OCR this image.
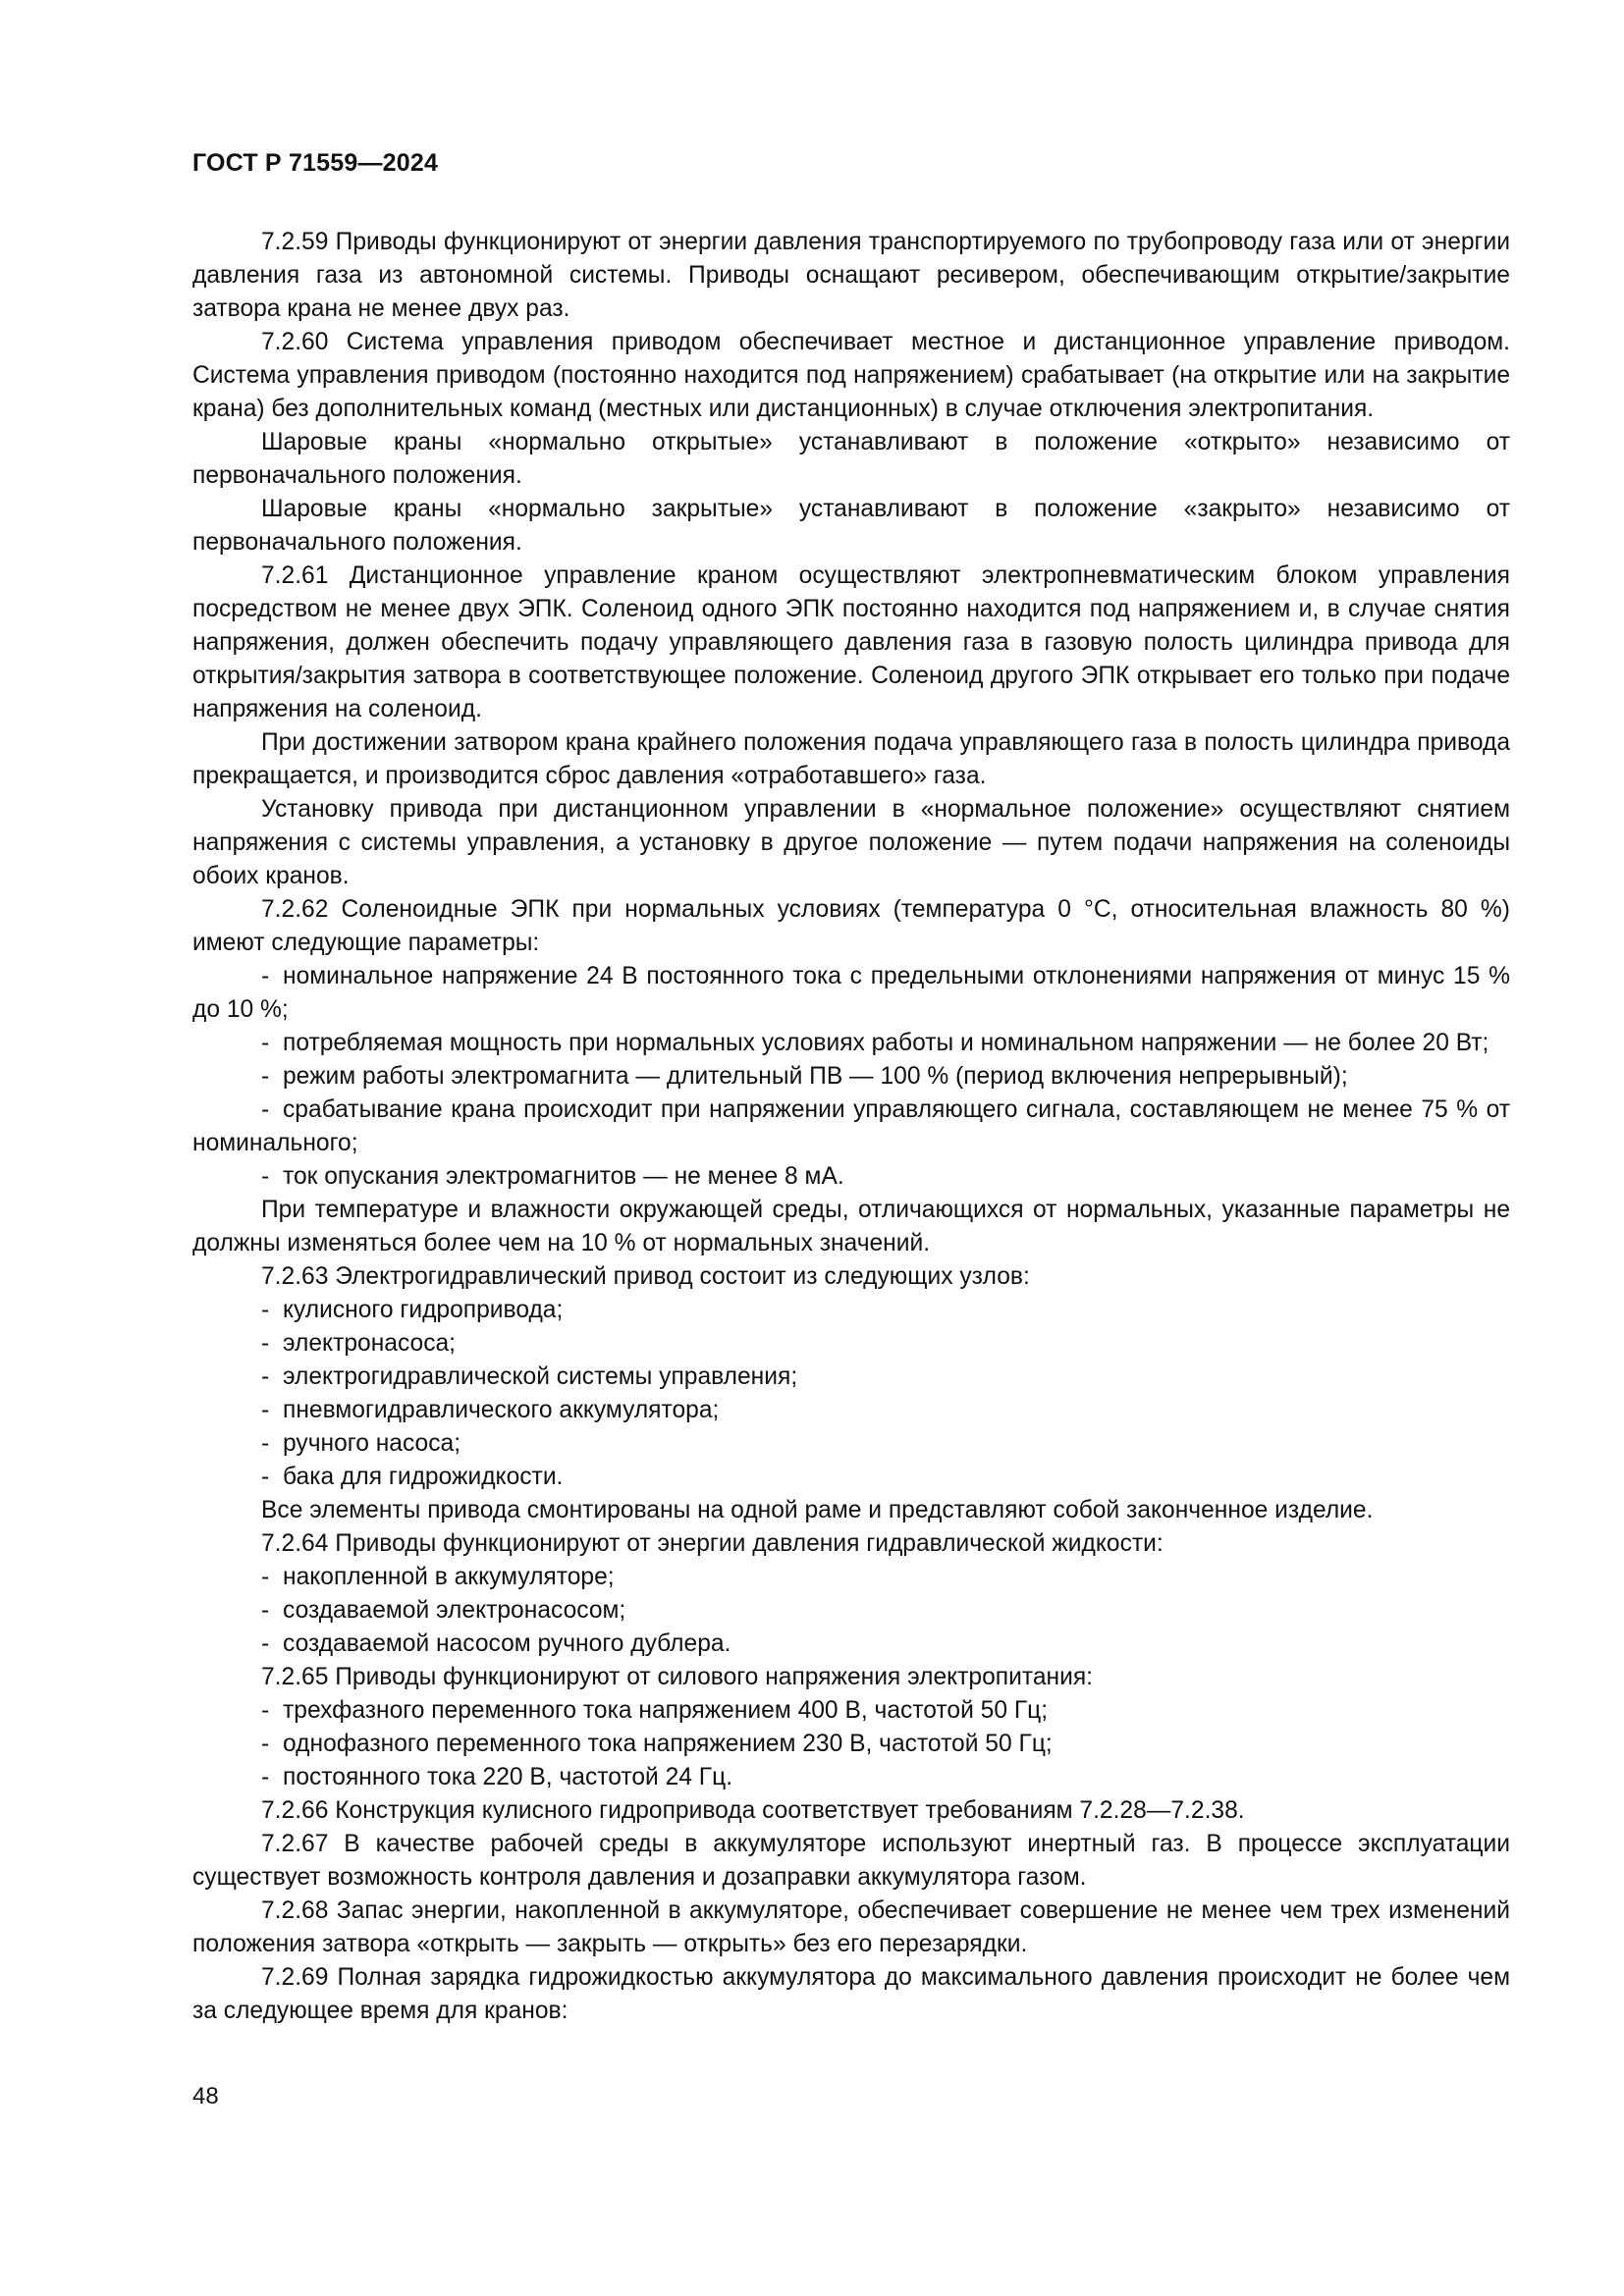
ГОСТ Р 71559—2024

7.2.59 Приводы функционируют от энергии давления транспортируемого по трубопроводу газа или от энергии давления газа из автономной системы. Приводы оснащают ресивером, обеспечивающим открытие/закрытие затвора крана не менее двух раз.

7.2.60 Система управления приводом обеспечивает местное и дистанционное управление приводом. Система управления приводом (постоянно находится под напряжением) срабатывает (на открытие или на закрытие крана) без дополнительных команд (местных или дистанционных) в случае отключения электропитания.

Шаровые краны «нормально открытые» устанавливают в положение «открыто» независимо от первоначального положения.

Шаровые краны «нормально закрытые» устанавливают в положение «закрыто» независимо от первоначального положения.

7.2.61 Дистанционное управление краном осуществляют электропневматическим блоком управления посредством не менее двух ЭПК. Соленоид одного ЭПК постоянно находится под напряжением и, в случае снятия напряжения, должен обеспечить подачу управляющего давления газа в газовую полость цилиндра привода для открытия/закрытия затвора в соответствующее положение. Соленоид другого ЭПК открывает его только при подаче напряжения на соленоид.

При достижении затвором крана крайнего положения подача управляющего газа в полость цилиндра привода прекращается, и производится сброс давления «отработавшего» газа.

Установку привода при дистанционном управлении в «нормальное положение» осуществляют снятием напряжения с системы управления, а установку в другое положение — путем подачи напряжения на соленоиды обоих кранов.

7.2.62 Соленоидные ЭПК при нормальных условиях (температура 0 °С, относительная влажность 80 %) имеют следующие параметры:

- номинальное напряжение 24 В постоянного тока с предельными отклонениями напряжения от минус 15 % до 10 %;

- потребляемая мощность при нормальных условиях работы и номинальном напряжении — не более 20 Вт;

- режим работы электромагнита — длительный ПВ — 100 % (период включения непрерывный);

- срабатывание крана происходит при напряжении управляющего сигнала, составляющем не менее 75 % от номинального;

- ток опускания электромагнитов — не менее 8 мА.

При температуре и влажности окружающей среды, отличающихся от нормальных, указанные параметры не должны изменяться более чем на 10 % от нормальных значений.

7.2.63 Электрогидравлический привод состоит из следующих узлов:

- кулисного гидропривода;

- электронасоса;

- электрогидравлической системы управления;

- пневмогидравлического аккумулятора;

- ручного насоса;

- бака для гидрожидкости.

Все элементы привода смонтированы на одной раме и представляют собой законченное изделие.

7.2.64 Приводы функционируют от энергии давления гидравлической жидкости:

- накопленной в аккумуляторе;

- создаваемой электронасосом;

- создаваемой насосом ручного дублера.

7.2.65 Приводы функционируют от силового напряжения электропитания:

- трехфазного переменного тока напряжением 400 В, частотой 50 Гц;

- однофазного переменного тока напряжением 230 В, частотой 50 Гц;

- постоянного тока 220 В, частотой 24 Гц.

7.2.66 Конструкция кулисного гидропривода соответствует требованиям 7.2.28—7.2.38.

7.2.67 В качестве рабочей среды в аккумуляторе используют инертный газ. В процессе эксплуатации существует возможность контроля давления и дозаправки аккумулятора газом.

7.2.68 Запас энергии, накопленной в аккумуляторе, обеспечивает совершение не менее чем трех изменений положения затвора «открыть — закрыть — открыть» без его перезарядки.

7.2.69 Полная зарядка гидрожидкостью аккумулятора до максимального давления происходит не более чем за следующее время для кранов:

48
